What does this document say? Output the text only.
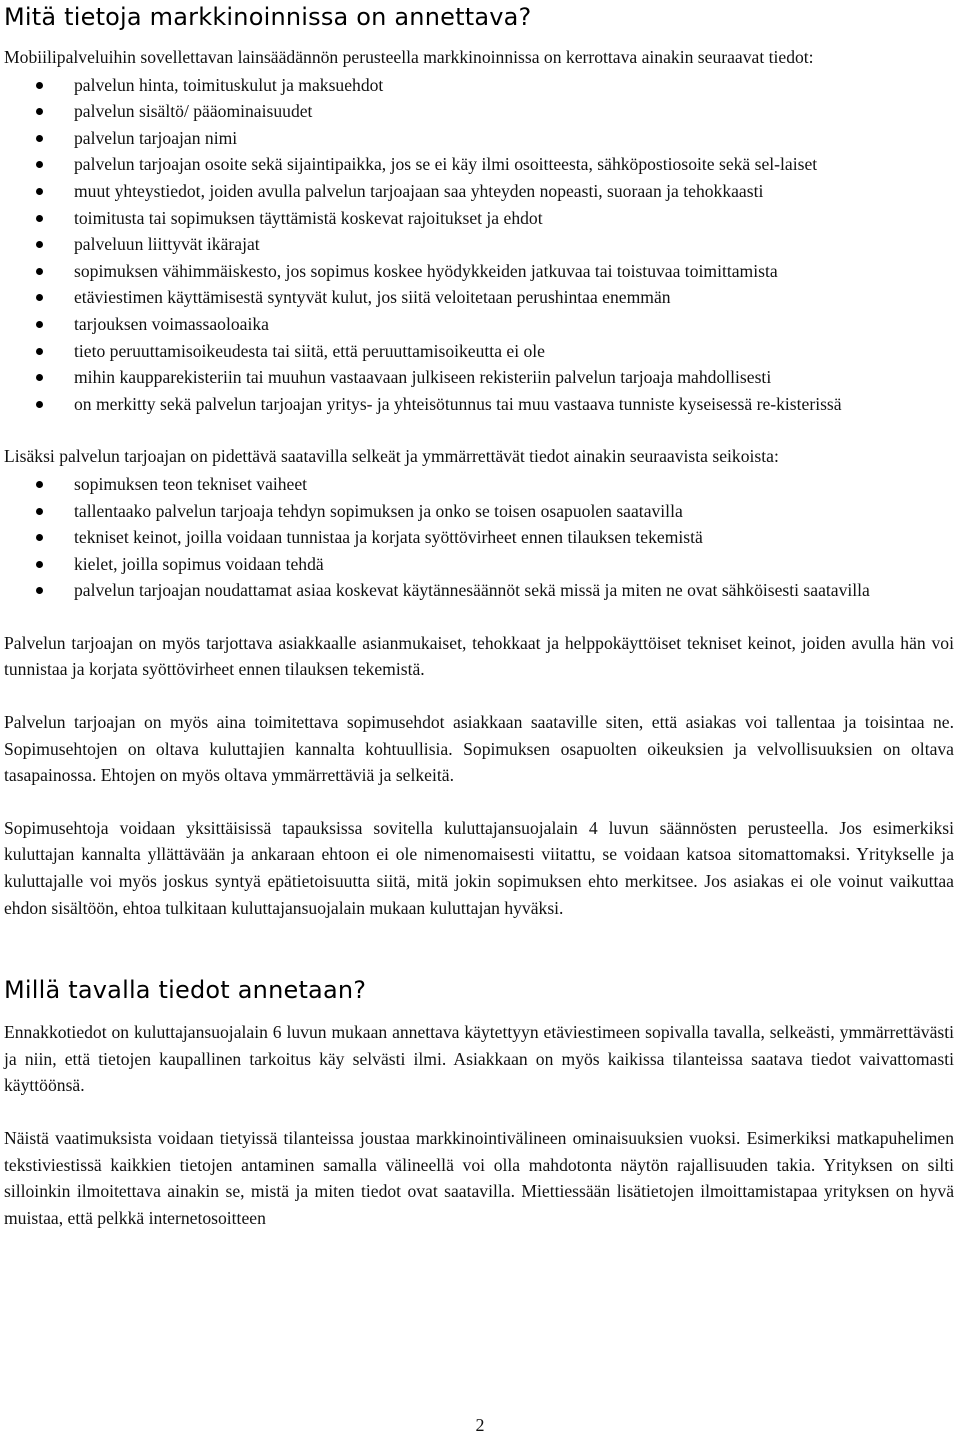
Mitä tietoja markkinoinnissa on annettava?

Mobiilipalveluihin sovellettavan lainsäädännön perusteella markkinoinnissa on kerrottava ainakin seuraavat tiedot:

palvelun hinta, toimituskulut ja maksuehdot
palvelun sisältö/ pääominaisuudet
palvelun tarjoajan nimi
palvelun tarjoajan osoite sekä sijaintipaikka, jos se ei käy ilmi osoitteesta, sähköpostiosoite sekä sel-laiset
muut yhteystiedot, joiden avulla palvelun tarjoajaan saa yhteyden nopeasti, suoraan ja tehokkaasti
toimitusta tai sopimuksen täyttämistä koskevat rajoitukset ja ehdot
palveluun liittyvät ikärajat
sopimuksen vähimmäiskesto, jos sopimus koskee hyödykkeiden jatkuvaa tai toistuvaa toimittamista
etäviestimen käyttämisestä syntyvät kulut, jos siitä veloitetaan perushintaa enemmän
tarjouksen voimassaoloaika
tieto peruuttamisoikeudesta tai siitä, että peruuttamisoikeutta ei ole
mihin kaupparekisteriin tai muuhun vastaavaan julkiseen rekisteriin palvelun tarjoaja mahdollisesti
on merkitty sekä palvelun tarjoajan yritys- ja yhteisötunnus tai muu vastaava tunniste kyseisessä re-kisterissä

Lisäksi palvelun tarjoajan on pidettävä saatavilla selkeät ja ymmärrettävät tiedot ainakin seuraavista seikoista:

sopimuksen teon tekniset vaiheet
tallentaako palvelun tarjoaja tehdyn sopimuksen ja onko se toisen osapuolen saatavilla
tekniset keinot, joilla voidaan tunnistaa ja korjata syöttövirheet ennen tilauksen tekemistä
kielet, joilla sopimus voidaan tehdä
palvelun tarjoajan noudattamat asiaa koskevat käytännesäännöt sekä missä ja miten ne ovat sähköisesti saatavilla

Palvelun tarjoajan on myös tarjottava asiakkaalle asianmukaiset, tehokkaat ja helppokäyttöiset tekniset keinot, joiden avulla hän voi tunnistaa ja korjata syöttövirheet ennen tilauksen tekemistä.

Palvelun tarjoajan on myös aina toimitettava sopimusehdot asiakkaan saataville siten, että asiakas voi tallentaa ja toisintaa ne. Sopimusehtojen on oltava kuluttajien kannalta kohtuullisia. Sopimuksen osapuolten oikeuksien ja velvollisuuksien on oltava tasapainossa. Ehtojen on myös oltava ymmärrettäviä ja selkeitä.

Sopimusehtoja voidaan yksittäisissä tapauksissa sovitella kuluttajansuojalain 4 luvun säännösten perusteella. Jos esimerkiksi kuluttajan kannalta yllättävään ja ankaraan ehtoon ei ole nimenomaisesti viitattu, se voidaan katsoa sitomattomaksi. Yritykselle ja kuluttajalle voi myös joskus syntyä epätietoisuutta siitä, mitä jokin sopimuksen ehto merkitsee. Jos asiakas ei ole voinut vaikuttaa ehdon sisältöön, ehtoa tulkitaan kuluttajansuojalain mukaan kuluttajan hyväksi.

Millä tavalla tiedot annetaan?

Ennakkotiedot on kuluttajansuojalain 6 luvun mukaan annettava käytettyyn etäviestimeen sopivalla tavalla, selkeästi, ymmärrettävästi ja niin, että tietojen kaupallinen tarkoitus käy selvästi ilmi. Asiakkaan on myös kaikissa tilanteissa saatava tiedot vaivattomasti käyttöönsä.

Näistä vaatimuksista voidaan tietyissä tilanteissa joustaa markkinointivälineen ominaisuuksien vuoksi. Esimerkiksi matkapuhelimen tekstiviestissä kaikkien tietojen antaminen samalla välineellä voi olla mahdotonta näytön rajallisuuden takia. Yrityksen on silti silloinkin ilmoitettava ainakin se, mistä ja miten tiedot ovat saatavilla. Miettiessään lisätietojen ilmoittamistapaa yrityksen on hyvä muistaa, että pelkkä internetosoitteen

2
